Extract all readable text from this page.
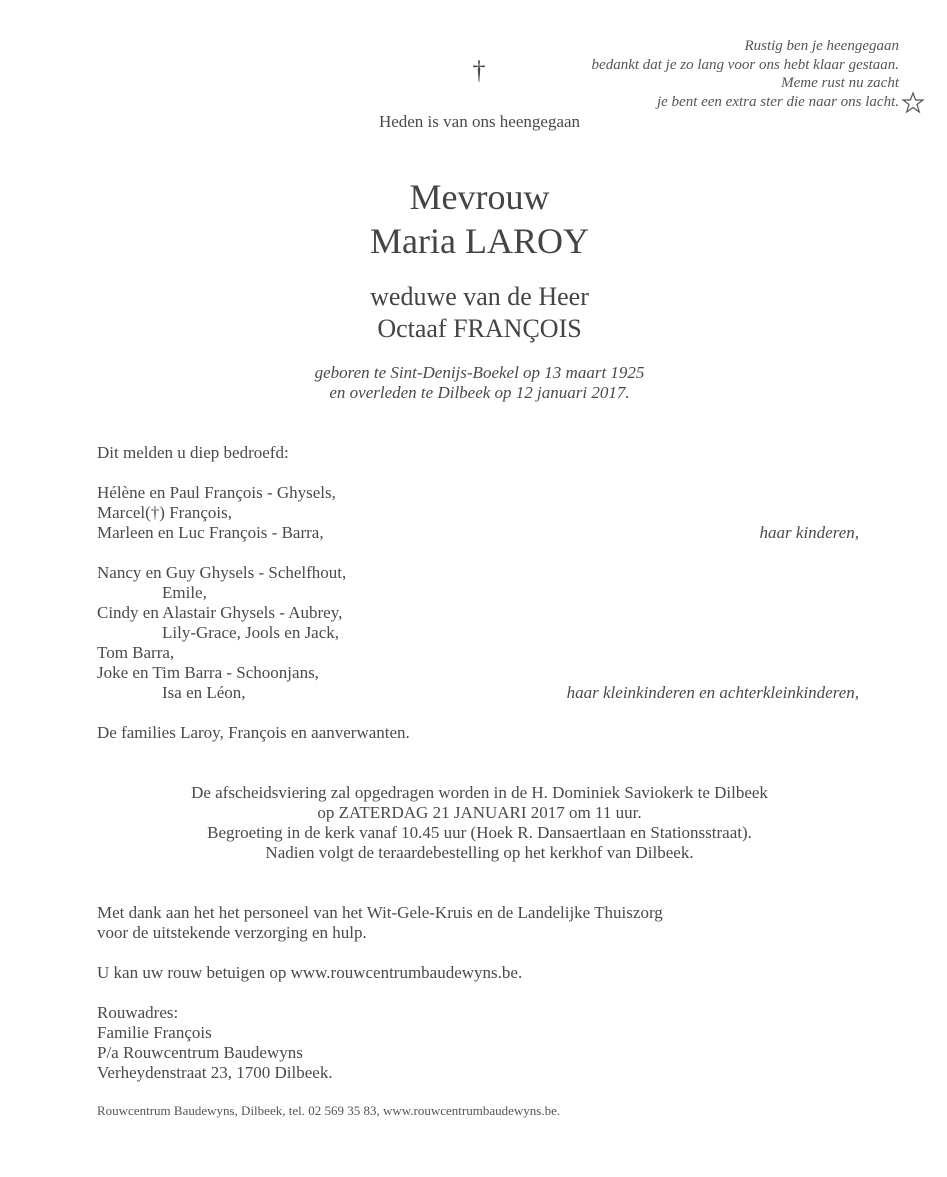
Rustig ben je heengegaan
bedankt dat je zo lang voor ons hebt klaar gestaan.
Meme rust nu zacht
je bent een extra ster die naar ons lacht.
†
Heden is van ons heengegaan
Mevrouw
Maria LAROY
weduwe van de Heer
Octaaf FRANÇOIS
geboren te Sint-Denijs-Boekel op 13 maart 1925
en overleden te Dilbeek op 12 januari 2017.
Dit melden u diep bedroefd:
Hélène en Paul François - Ghysels,
Marcel(†) François,
Marleen en Luc François - Barra,	haar kinderen,
Nancy en Guy Ghysels - Schelfhout,
Emile,
Cindy en Alastair Ghysels - Aubrey,
Lily-Grace, Jools en Jack,
Tom Barra,
Joke en Tim Barra - Schoonjans,
Isa en Léon,	haar kleinkinderen en achterkleinkinderen,
De families Laroy, François en aanverwanten.
De afscheidsviering zal opgedragen worden in de H. Dominiek Saviokerk te Dilbeek
op ZATERDAG 21 JANUARI 2017 om 11 uur.
Begroeting in de kerk vanaf 10.45 uur (Hoek R. Dansaertlaan en Stationsstraat).
Nadien volgt de teraardebestelling op het kerkhof van Dilbeek.
Met dank aan het het personeel van het Wit-Gele-Kruis en de Landelijke Thuiszorg
voor de uitstekende verzorging en hulp.
U kan uw rouw betuigen op www.rouwcentrumbaudewyns.be.
Rouwadres:
Familie François
P/a Rouwcentrum Baudewyns
Verheydenstraat 23, 1700 Dilbeek.
Rouwcentrum Baudewyns, Dilbeek, tel. 02 569 35 83, www.rouwcentrumbaudewyns.be.
